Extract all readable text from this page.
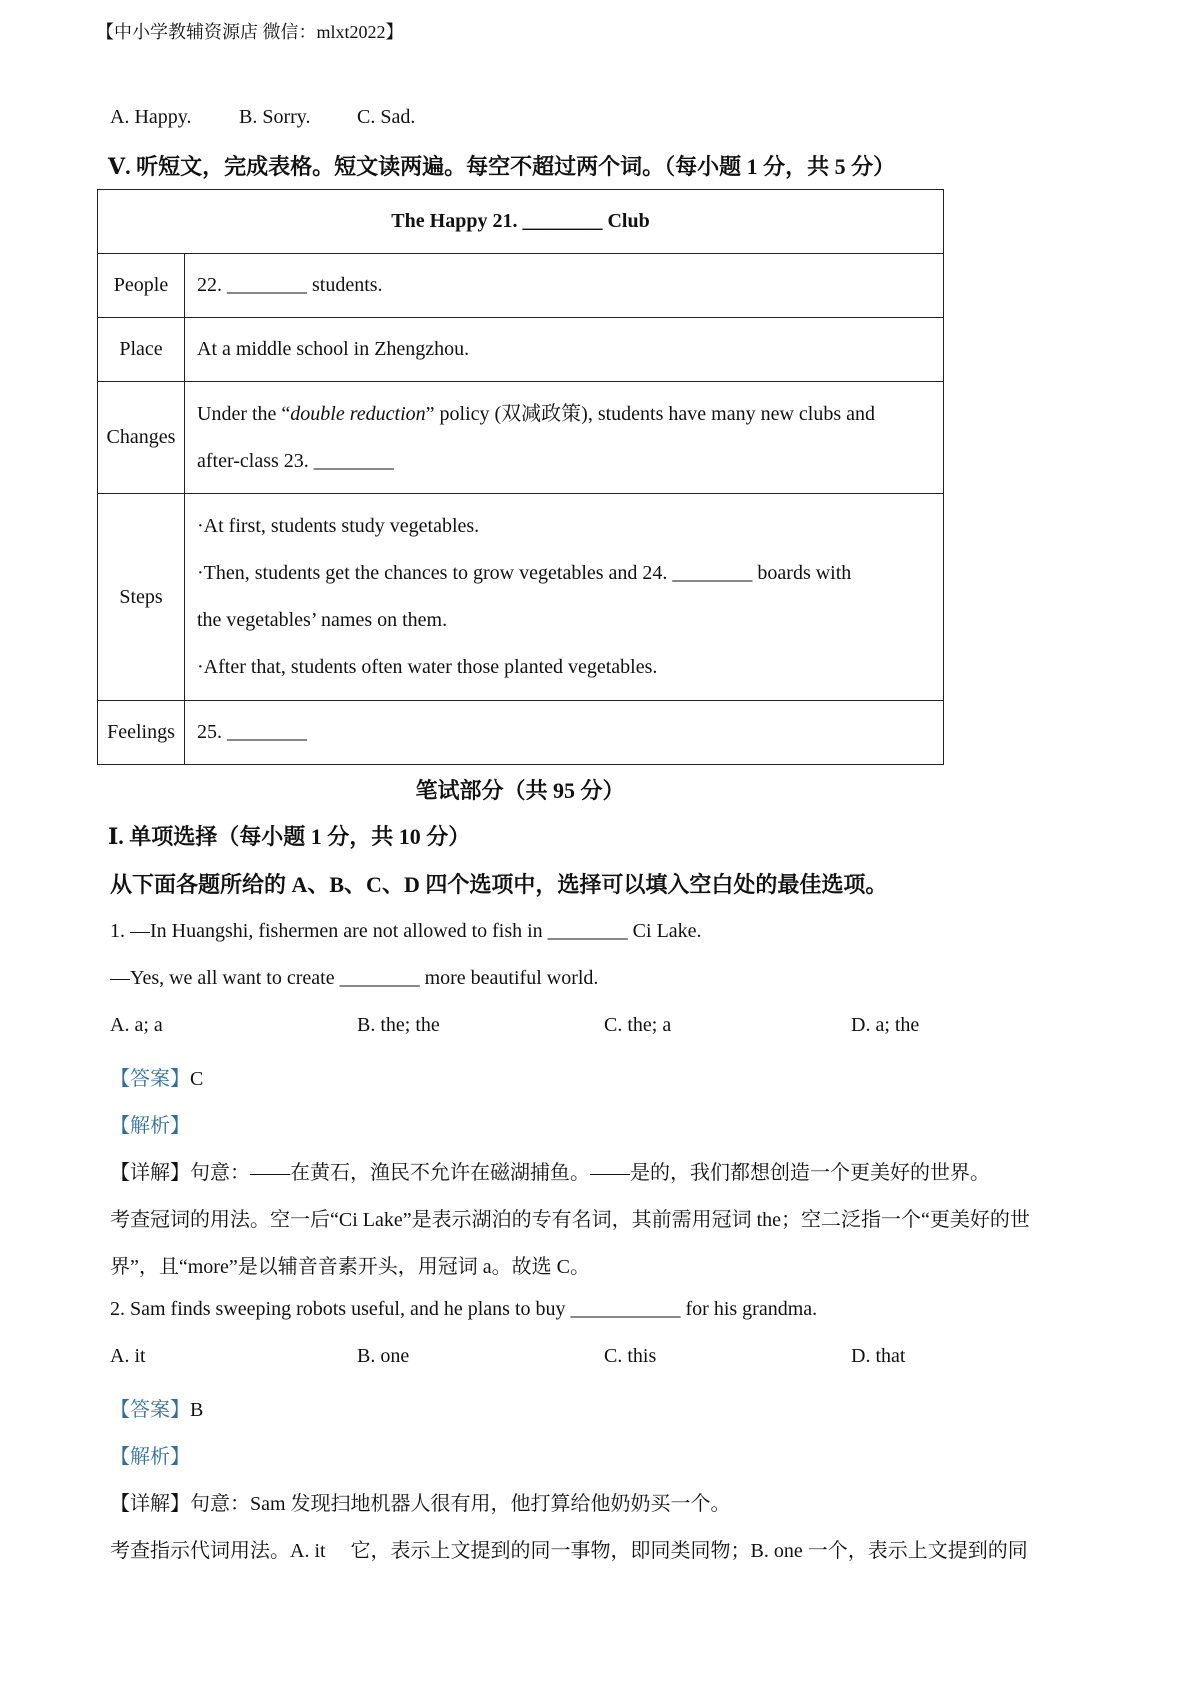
【中小学教辅资源店 微信：mlxt2022】
A. Happy. B. Sorry. C. Sad.
Ⅴ. 听短文，完成表格。短文读两遍。每空不超过两个词。（每小题 1 分，共 5 分）
The Happy 21. ________ Club	
People	22. ________ students.
Place	At a middle school in Zhengzhou.
Changes	Under the “double reduction” policy (双减政策), students have many new clubs and
after-class 23. ________

Steps	·At first, students study vegetables.
·Then, students get the chances to grow vegetables and 24. ________ boards with
the vegetables’ names on them.
·After that, students often water those planted vegetables.

Feelings	25. ________
笔试部分（共 95 分）
Ⅰ. 单项选择（每小题 1 分，共 10 分）
从下面各题所给的 A、B、C、D 四个选项中，选择可以填入空白处的最佳选项。
1. —In Huangshi, fishermen are not allowed to fish in ________ Ci Lake.
—Yes, we all want to create ________ more beautiful world.
A. a; a	B. the; the	C. the; a	D. a; the
【答案】C
【解析】
【详解】句意：——在黄石，渔民不允许在磁湖捕鱼。——是的，我们都想创造一个更美好的世界。
考查冠词的用法。空一后“Ci Lake”是表示湖泊的专有名词，其前需用冠词 the；空二泛指一个“更美好的世
界”，且“more”是以辅音音素开头，用冠词 a。故选 C。
2. Sam finds sweeping robots useful, and he plans to buy ___________ for his grandma.
A. it	B. one	C. this	D. that
【答案】B
【解析】
【详解】句意：Sam 发现扫地机器人很有用，他打算给他奶奶买一个。
考查指示代词用法。A. it　 它，表示上文提到的同一事物，即同类同物；B. one 一个，表示上文提到的同
